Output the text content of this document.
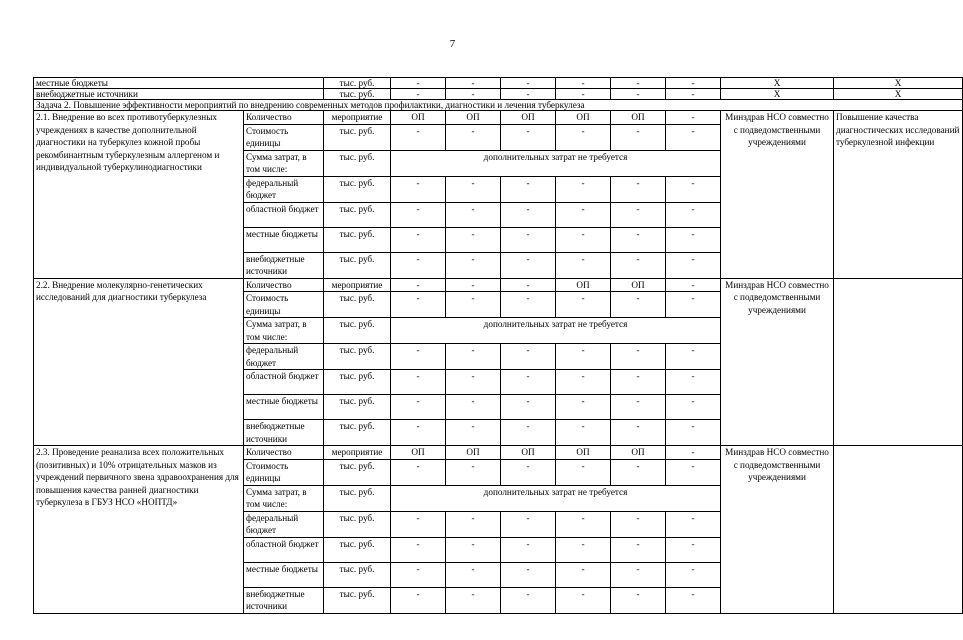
7
местные бюджеты		тыс. руб.	-	-	-	-	-	-	Х	Х
внебюджетные источники		тыс. руб.	-	-	-	-	-	-	Х	Х
Задача 2. Повышение эффективности мероприятий по внедрению современных методов профилактики, диагностики и лечения туберкулеза										
2.1. Внедрение во всех противотуберкулезных учреждениях в качестве дополнительной диагностики на туберкулез кожной пробы рекомбинантным туберкулезным аллергеном и индивидуальной туберкулинодиагностики	Количество	мероприятие	ОП	ОП	ОП	ОП	ОП	-	Минздрав НСО совместно с подведомственными учреждениями	Повышение качества диагностических исследований туберкулезной инфекции
	Стоимость единицы	тыс. руб.	-	-	-	-	-	-		
	Сумма затрат, в том числе:	тыс. руб.	дополнительных затрат не требуется							
	федеральный бюджет	тыс. руб.	-	-	-	-	-	-		
	областной бюджет	тыс. руб.	-	-	-	-	-	-		
	местные бюджеты	тыс. руб.	-	-	-	-	-	-		
	внебюджетные источники	тыс. руб.	-	-	-	-	-	-		
2.2. Внедрение молекулярно-генетических исследований для диагностики туберкулеза	Количество	мероприятие	-	-	-	ОП	ОП	-	Минздрав НСО совместно с подведомственными учреждениями	
	Стоимость единицы	тыс. руб.	-	-	-	-	-	-		
	Сумма затрат, в том числе:	тыс. руб.	дополнительных затрат не требуется							
	федеральный бюджет	тыс. руб.	-	-	-	-	-	-		
	областной бюджет	тыс. руб.	-	-	-	-	-	-		
	местные бюджеты	тыс. руб.	-	-	-	-	-	-		
	внебюджетные источники	тыс. руб.	-	-	-	-	-	-		
2.3. Проведение реанализа всех положительных (позитивных) и 10% отрицательных мазков из учреждений первичного звена здравоохранения для повышения качества ранней диагностики туберкулеза в ГБУЗ НСО «НОПТД»	Количество	мероприятие	ОП	ОП	ОП	ОП	ОП	-	Минздрав НСО совместно с подведомственными учреждениями	
	Стоимость единицы	тыс. руб.	-	-	-	-	-	-		
	Сумма затрат, в том числе:	тыс. руб.	дополнительных затрат не требуется							
	федеральный бюджет	тыс. руб.	-	-	-	-	-	-		
	областной бюджет	тыс. руб.	-	-	-	-	-	-		
	местные бюджеты	тыс. руб.	-	-	-	-	-	-		
	внебюджетные источники	тыс. руб.	-	-	-	-	-	-		
